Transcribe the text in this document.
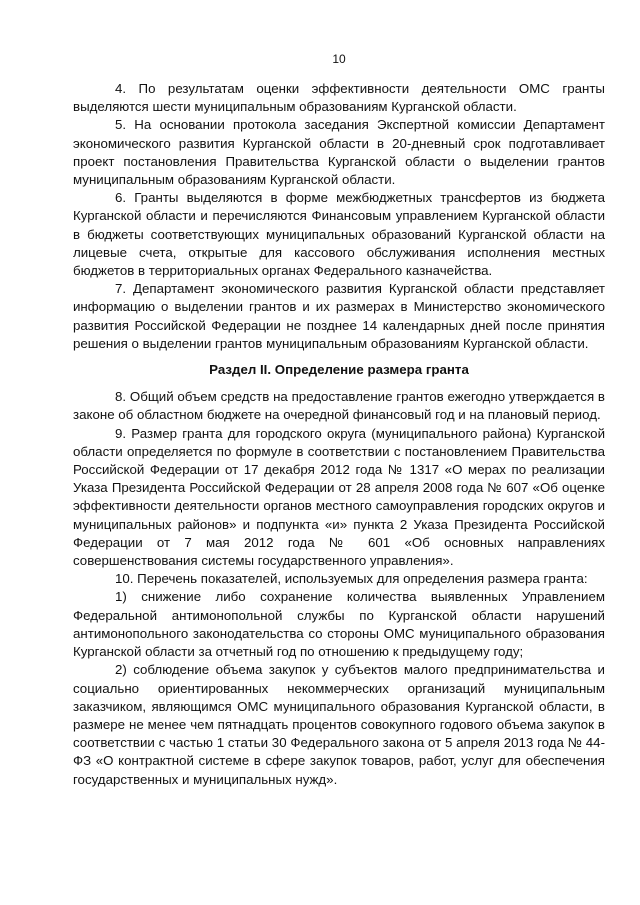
10

4. По результатам оценки эффективности деятельности ОМС гранты выделяются шести муниципальным образованиям Курганской области.

5. На основании протокола заседания Экспертной комиссии Департамент экономического развития Курганской области в 20-дневный срок подготавливает проект постановления Правительства Курганской области о выделении грантов муниципальным образованиям Курганской области.

6. Гранты выделяются в форме межбюджетных трансфертов из бюджета Курганской области и перечисляются Финансовым управлением Курганской области в бюджеты соответствующих муниципальных образований Курганской области на лицевые счета, открытые для кассового обслуживания исполнения местных бюджетов в территориальных органах Федерального казначейства.

7. Департамент экономического развития Курганской области представляет информацию о выделении грантов и их размерах в Министерство экономического развития Российской Федерации не позднее 14 календарных дней после принятия решения о выделении грантов муниципальным образованиям Курганской области.

Раздел II. Определение размера гранта

8. Общий объем средств на предоставление грантов ежегодно утверждается в законе об областном бюджете на очередной финансовый год и на плановый период.

9. Размер гранта для городского округа (муниципального района) Курганской области определяется по формуле в соответствии с постановлением Правительства Российской Федерации от 17 декабря 2012 года № 1317 «О мерах по реализации Указа Президента Российской Федерации от 28 апреля 2008 года № 607 «Об оценке эффективности деятельности органов местного самоуправления городских округов и муниципальных районов» и подпункта «и» пункта 2 Указа Президента Российской Федерации от 7 мая 2012 года № 601 «Об основных направлениях совершенствования системы государственного управления».

10. Перечень показателей, используемых для определения размера гранта:

1) снижение либо сохранение количества выявленных Управлением Федеральной антимонопольной службы по Курганской области нарушений антимонопольного законодательства со стороны ОМС муниципального образования Курганской области за отчетный год по отношению к предыдущему году;

2) соблюдение объема закупок у субъектов малого предпринимательства и социально ориентированных некоммерческих организаций муниципальным заказчиком, являющимся ОМС муниципального образования Курганской области, в размере не менее чем пятнадцать процентов совокупного годового объема закупок в соответствии с частью 1 статьи 30 Федерального закона от 5 апреля 2013 года № 44-ФЗ «О контрактной системе в сфере закупок товаров, работ, услуг для обеспечения государственных и муниципальных нужд».
